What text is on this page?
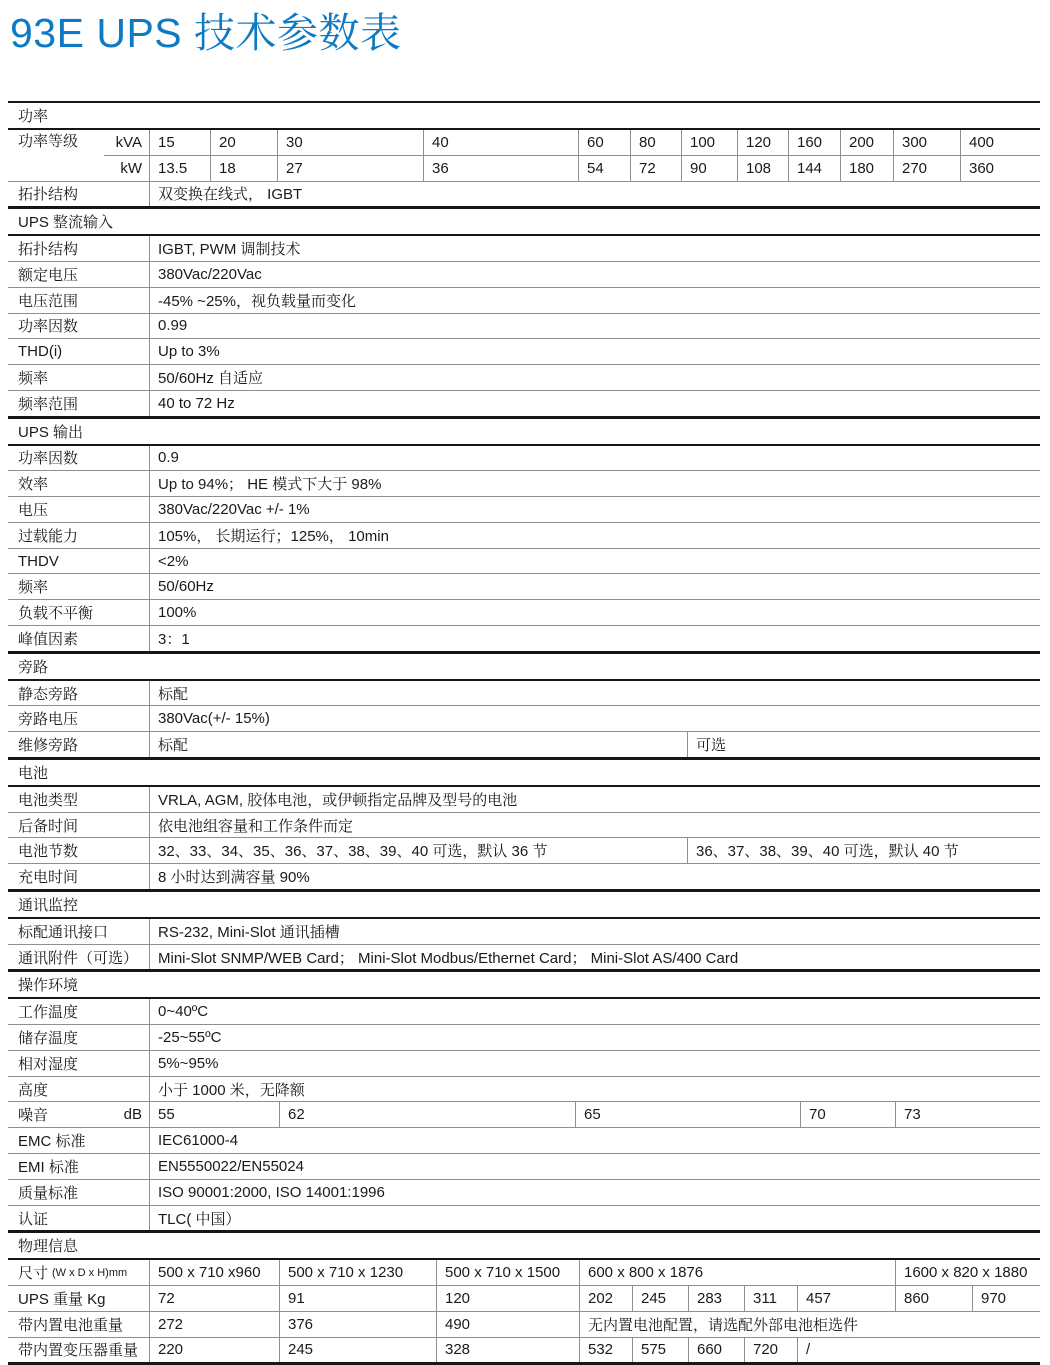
93E UPS 技术参数表
功率
功率等级	kVA	15	20	30	40	60	80	100	120	160	200	300	400
kW	13.5	18	27	36	54	72	90	108	144	180	270	360
拓扑结构	双变换在线式， IGBT
UPS 整流输入
拓扑结构	IGBT, PWM 调制技术
额定电压	380Vac/220Vac
电压范围	-45% ~25%，视负载量而变化
功率因数	0.99
THD(i)	Up to 3%
频率	50/60Hz 自适应
频率范围	40 to 72 Hz
UPS 输出
功率因数	0.9
效率	Up to 94%； HE 模式下大于 98%
电压	380Vac/220Vac +/- 1%
过载能力	105%， 长期运行；125%， 10min
THDV	<2%
频率	50/60Hz
负载不平衡	100%
峰值因素	3：1
旁路
静态旁路	标配
旁路电压	380Vac(+/- 15%)
维修旁路	标配	可选
电池
电池类型	VRLA, AGM, 胶体电池，或伊顿指定品牌及型号的电池
后备时间	依电池组容量和工作条件而定
电池节数	32、33、34、35、36、37、38、39、40 可选，默认 36 节	36、37、38、39、40 可选，默认 40 节
充电时间	8 小时达到满容量 90%
通讯监控
标配通讯接口	RS-232, Mini-Slot 通讯插槽
通讯附件（可选）	Mini-Slot SNMP/WEB Card； Mini-Slot Modbus/Ethernet Card； Mini-Slot AS/400 Card
操作环境
工作温度	0~40ºC
储存温度	-25~55ºC
相对湿度	5%~95%
高度	小于 1000 米，无降额
噪音	dB	55	62	65	70	73
EMC 标准	IEC61000-4
EMI 标准	EN5550022/EN55024
质量标准	ISO 90001:2000, ISO 14001:1996
认证	TLC( 中国）
物理信息
尺寸 (W x D x H)mm	500 x 710 x960	500 x 710 x 1230	500 x 710 x 1500	600 x 800 x 1876	1600 x 820 x 1880
UPS 重量 Kg	72	91	120	202	245	283	311	457	860	970
带内置电池重量	272	376	490	无内置电池配置，请选配外部电池柜选件
带内置变压器重量	220	245	328	532	575	660	720	/
